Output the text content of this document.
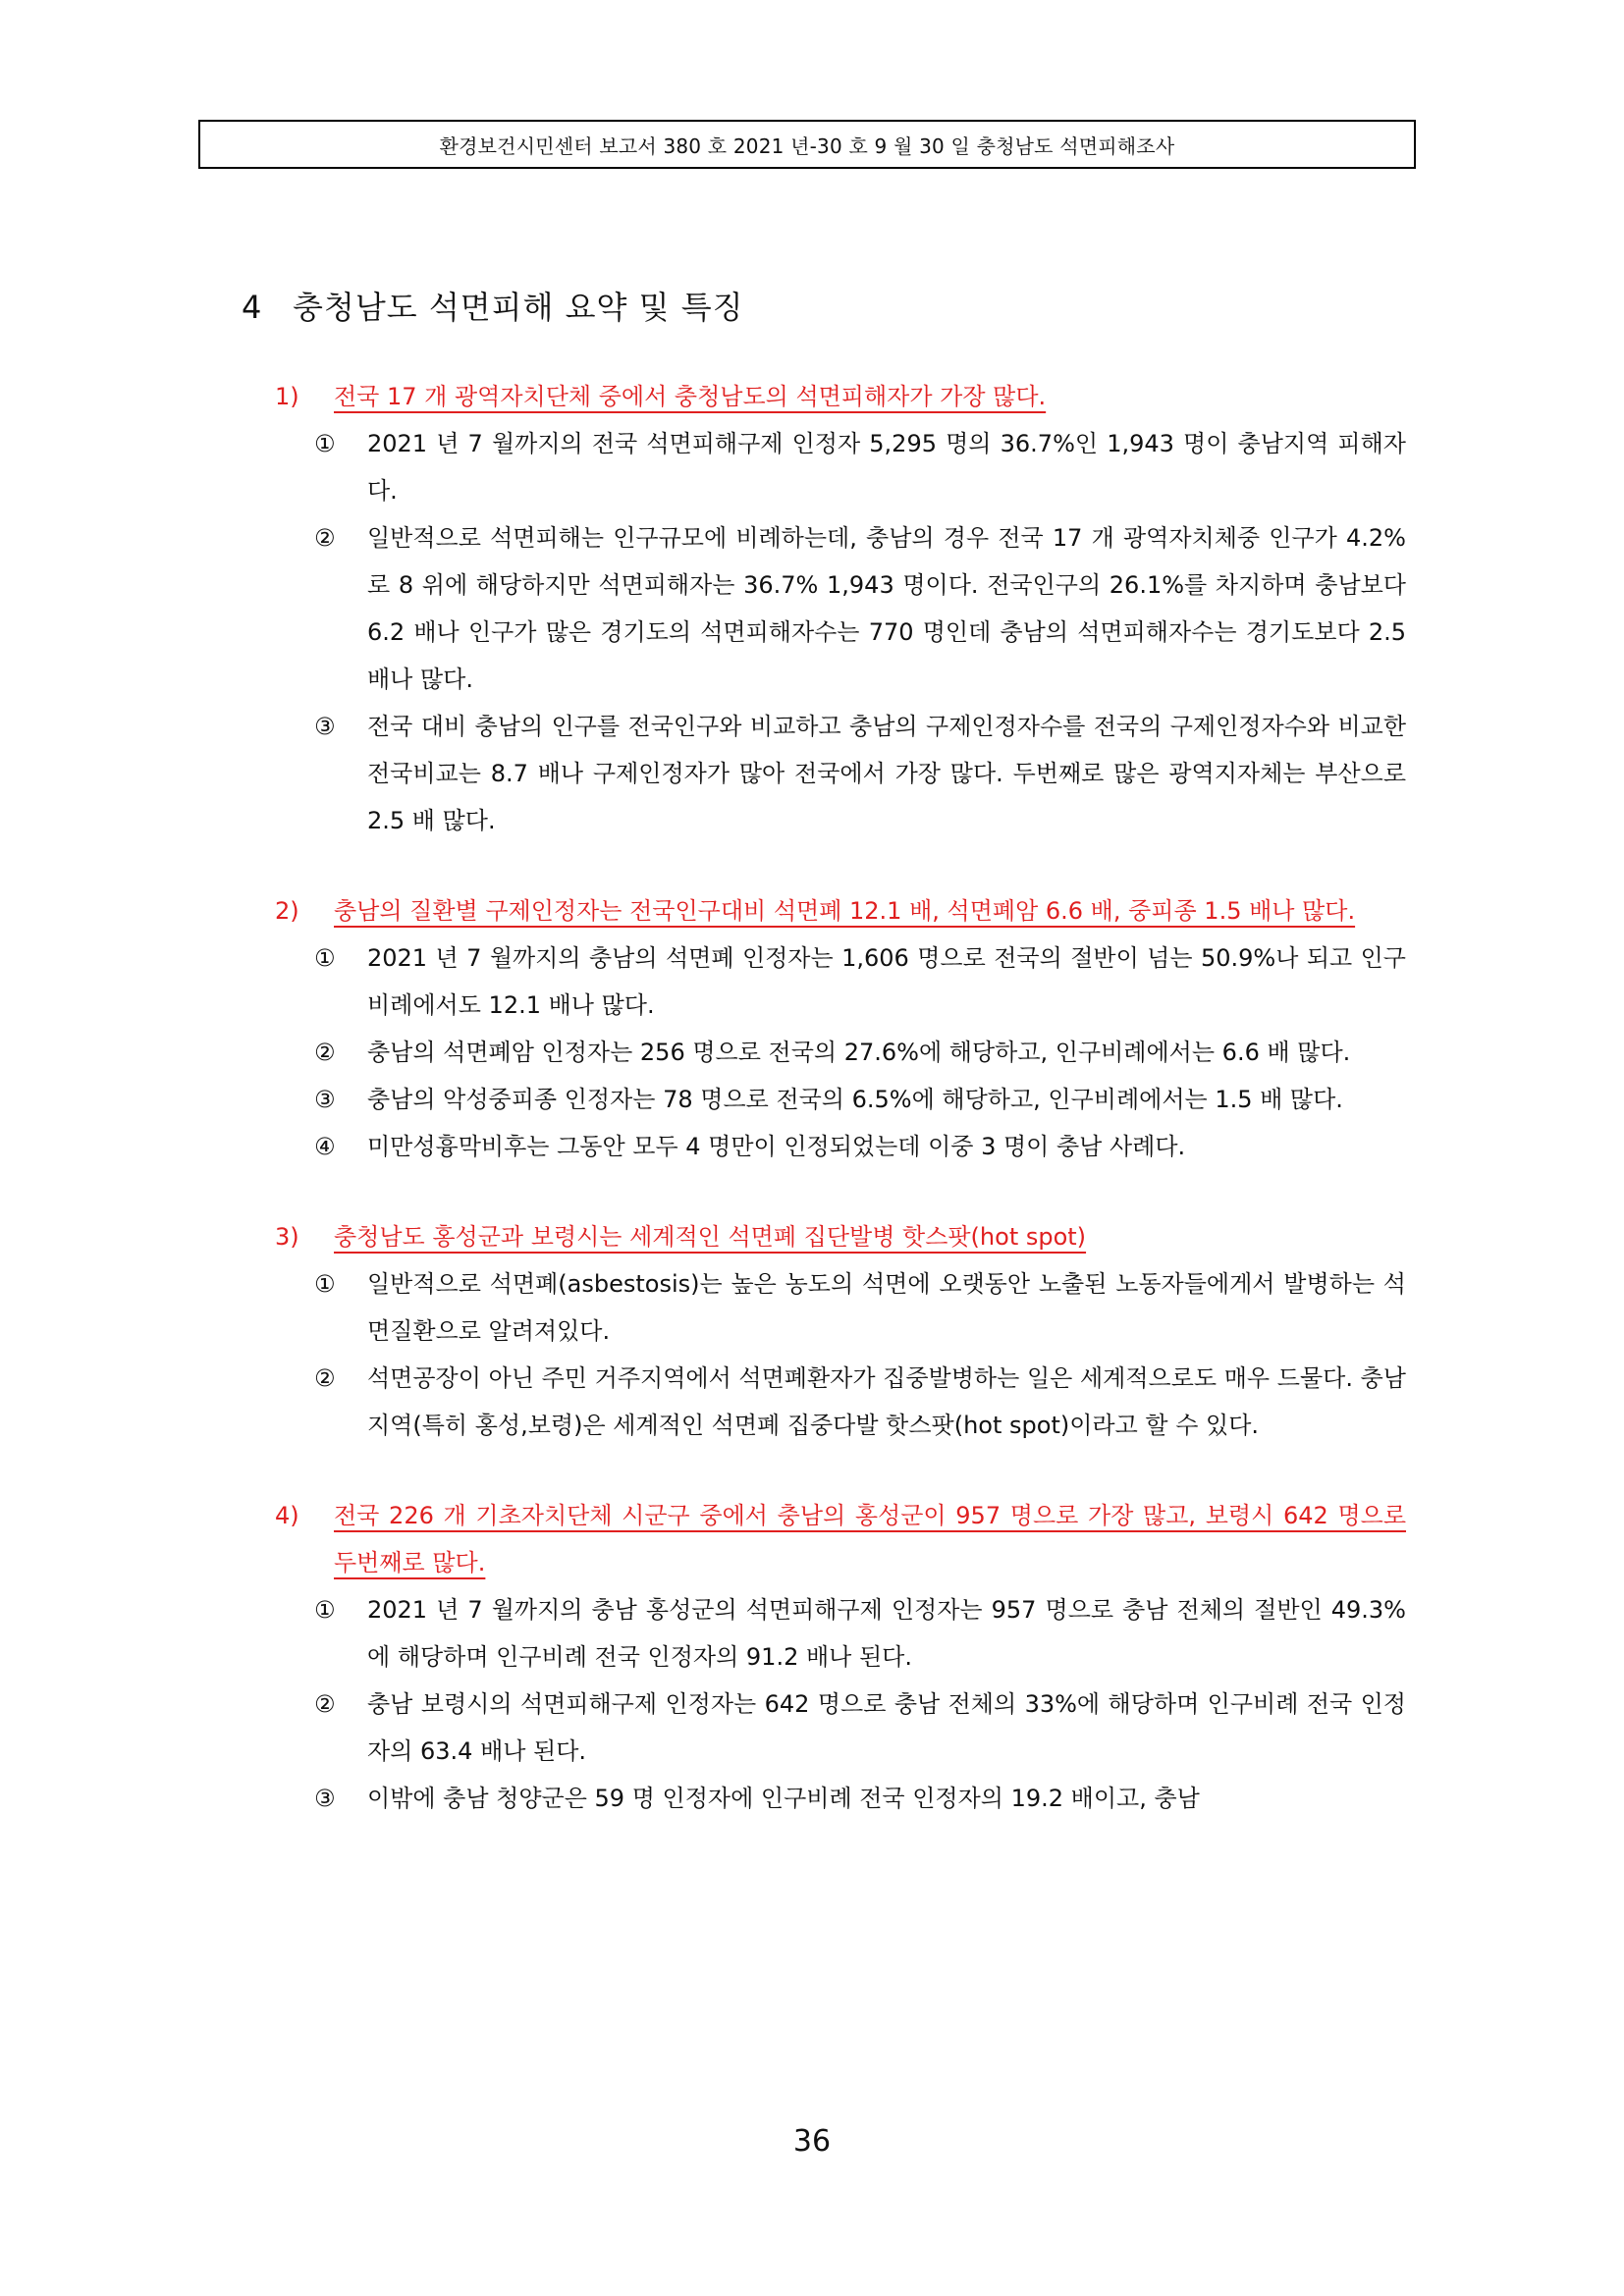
환경보건시민센터 보고서 380 호 2021 년-30 호 9 월 30 일 충청남도 석면피해조사
4 충청남도 석면피해 요약 및 특징
1)	전국 17 개 광역자치단체 중에서 충청남도의 석면피해자가 가장 많다.
①	2021 년 7 월까지의 전국 석면피해구제 인정자 5,295 명의 36.7%인 1,943 명이 충남지역 피해자다.
②	일반적으로 석면피해는 인구규모에 비례하는데, 충남의 경우 전국 17 개 광역자치체중 인구가 4.2%로 8 위에 해당하지만 석면피해자는 36.7% 1,943 명이다. 전국인구의 26.1%를 차지하며 충남보다 6.2 배나 인구가 많은 경기도의 석면피해자수는 770 명인데 충남의 석면피해자수는 경기도보다 2.5 배나 많다.
③	전국 대비 충남의 인구를 전국인구와 비교하고 충남의 구제인정자수를 전국의 구제인정자수와 비교한 전국비교는 8.7 배나 구제인정자가 많아 전국에서 가장 많다. 두번째로 많은 광역지자체는 부산으로 2.5 배 많다.
2)	충남의 질환별 구제인정자는 전국인구대비 석면폐 12.1 배, 석면폐암 6.6 배, 중피종 1.5 배나 많다.
①	2021 년 7 월까지의 충남의 석면폐 인정자는 1,606 명으로 전국의 절반이 넘는 50.9%나 되고 인구비례에서도 12.1 배나 많다.
②	충남의 석면폐암 인정자는 256 명으로 전국의 27.6%에 해당하고, 인구비례에서는 6.6 배 많다.
③	충남의 악성중피종 인정자는 78 명으로 전국의 6.5%에 해당하고, 인구비례에서는 1.5 배 많다.
④	미만성흉막비후는 그동안 모두 4 명만이 인정되었는데 이중 3 명이 충남 사례다.
3)	충청남도 홍성군과 보령시는 세계적인 석면폐 집단발병 핫스팟(hot spot)
①	일반적으로 석면폐(asbestosis)는 높은 농도의 석면에 오랫동안 노출된 노동자들에게서 발병하는 석면질환으로 알려져있다.
②	석면공장이 아닌 주민 거주지역에서 석면폐환자가 집중발병하는 일은 세계적으로도 매우 드물다. 충남지역(특히 홍성,보령)은 세계적인 석면폐 집중다발 핫스팟(hot spot)이라고 할 수 있다.
4)	전국 226 개 기초자치단체 시군구 중에서 충남의 홍성군이 957 명으로 가장 많고, 보령시 642 명으로 두번째로 많다.
①	2021 년 7 월까지의 충남 홍성군의 석면피해구제 인정자는 957 명으로 충남 전체의 절반인 49.3%에 해당하며 인구비례 전국 인정자의 91.2 배나 된다.
②	충남 보령시의 석면피해구제 인정자는 642 명으로 충남 전체의 33%에 해당하며 인구비례 전국 인정자의 63.4 배나 된다.
③	이밖에 충남 청양군은 59 명 인정자에 인구비례 전국 인정자의 19.2 배이고, 충남
36
